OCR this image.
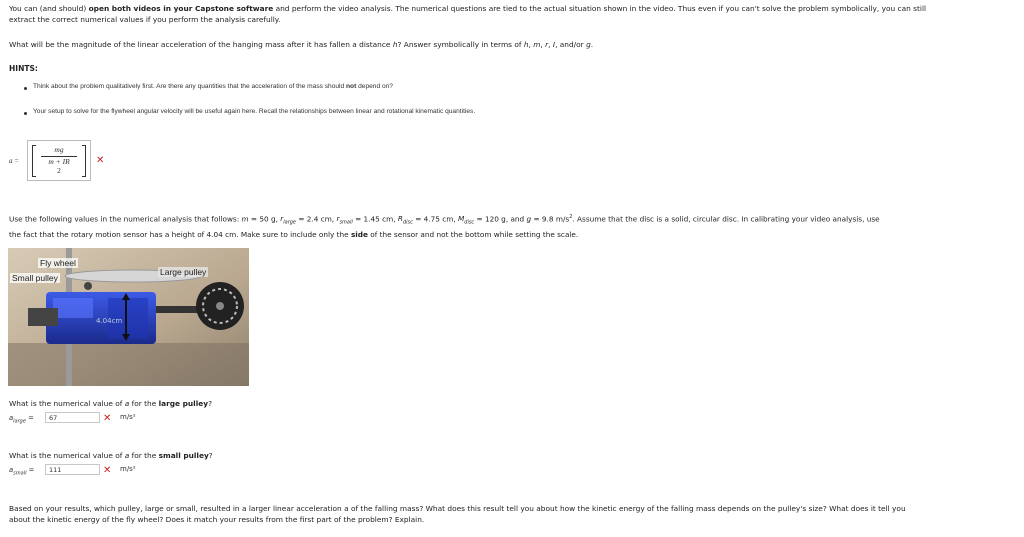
You can (and should) open both videos in your Capstone software and perform the video analysis. The numerical questions are tied to the actual situation shown in the video. Thus even if you can't solve the problem symbolically, you can still
extract the correct numerical values if you perform the analysis carefully.
What will be the magnitude of the linear acceleration of the hanging mass after it has fallen a distance h? Answer symbolically in terms of h, m, r, I, and/or g.
HINTS:
Think about the problem qualitatively first. Are there any quantities that the acceleration of the mass should not depend on?
Your setup to solve for the flywheel angular velocity will be useful again here. Recall the relationships between linear and rotational kinematic quantities.
a =
mg
m + IR
2
✕
Use the following values in the numerical analysis that follows: m = 50 g, $r_{large} = 2.4$ cm, $r_{small} = 1.45$ cm, $R_{disc} = 4.75$ cm, $M_{disc} = 120$ g, and g = 9.8 $m/s^2$. Assume that the disc is a solid, circular disc. In calibrating your video analysis, use
the fact that the rotary motion sensor has a height of 4.04 cm. Make sure to include only the side of the sensor and not the bottom while setting the scale.
Fly wheel
Small pulley
Large pulley
4.04cm
What is the numerical value of a for the large pulley?
$a_{large}$ =	67	✕ m/s²
What is the numerical value of a for the small pulley?
$a_{small}$ =	111	✕ m/s²
Based on your results, which pulley, large or small, resulted in a larger linear acceleration a of the falling mass? What does this result tell you about how the kinetic energy of the falling mass depends on the pulley's size? What does it tell you
about the kinetic energy of the fly wheel? Does it match your results from the first part of the problem? Explain.
